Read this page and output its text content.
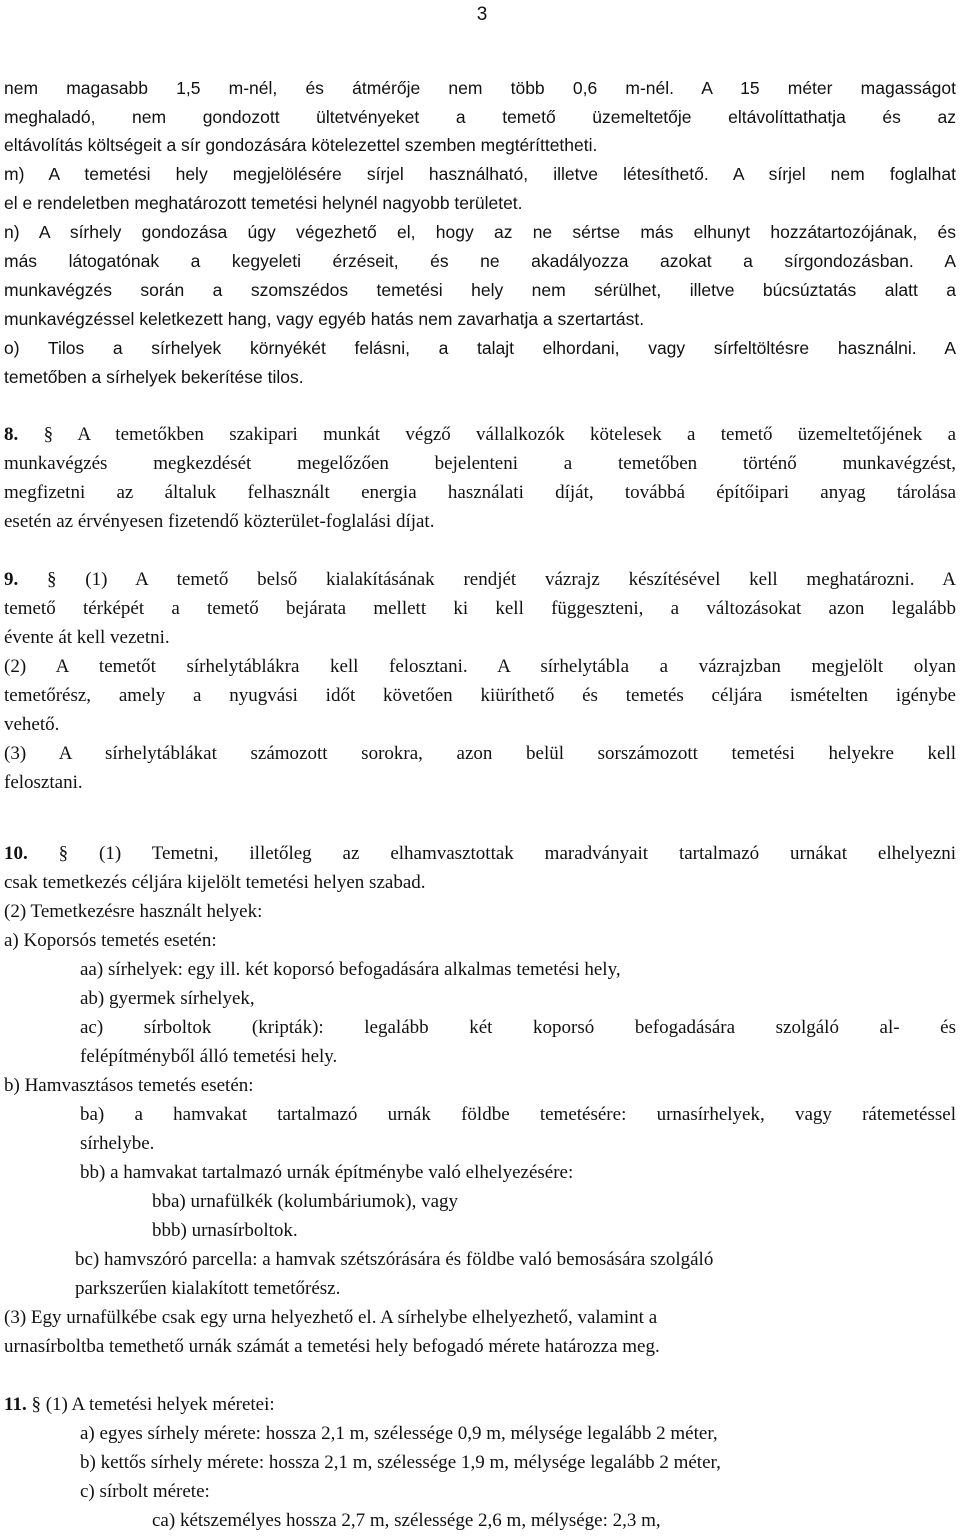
3
nem magasabb 1,5 m-nél, és átmérője nem több 0,6 m-nél. A 15 méter magasságot
meghaladó, nem gondozott ültetvényeket a temető üzemeltetője eltávolíttathatja és az
eltávolítás költségeit a sír gondozására kötelezettel szemben megtéríttetheti.
m) A temetési hely megjelölésére sírjel használható, illetve létesíthető. A sírjel nem foglalhat
el e rendeletben meghatározott temetési helynél nagyobb területet.
n) A sírhely gondozása úgy végezhető el, hogy az ne sértse más elhunyt hozzátartozójának, és
más látogatónak a kegyeleti érzéseit, és ne akadályozza azokat a sírgondozásban. A
munkavégzés során a szomszédos temetési hely nem sérülhet, illetve búcsúztatás alatt a
munkavégzéssel keletkezett hang, vagy egyéb hatás nem zavarhatja a szertartást.
o) Tilos a sírhelyek környékét felásni, a talajt elhordani, vagy sírfeltöltésre használni. A
temetőben a sírhelyek bekerítése tilos.
8. § A temetőkben szakipari munkát végző vállalkozók kötelesek a temető üzemeltetőjének a
munkavégzés megkezdését megelőzően bejelenteni a temetőben történő munkavégzést,
megfizetni az általuk felhasznált energia használati díját, továbbá építőipari anyag tárolása
esetén az érvényesen fizetendő közterület-foglalási díjat.
9. § (1) A temető belső kialakításának rendjét vázrajz készítésével kell meghatározni. A
temető térképét a temető bejárata mellett ki kell függeszteni, a változásokat azon legalább
évente át kell vezetni.
(2) A temetőt sírhelytáblákra kell felosztani. A sírhelytábla a vázrajzban megjelölt olyan
temetőrész, amely a nyugvási időt követően kiüríthető és temetés céljára ismételten igénybe
vehető.
(3) A sírhelytáblákat számozott sorokra, azon belül sorszámozott temetési helyekre kell
felosztani.
10. § (1) Temetni, illetőleg az elhamvasztottak maradványait tartalmazó urnákat elhelyezni
csak temetkezés céljára kijelölt temetési helyen szabad.
(2) Temetkezésre használt helyek:
a) Koporsós temetés esetén:
aa) sírhelyek: egy ill. két koporsó befogadására alkalmas temetési hely,
ab) gyermek sírhelyek,
ac) sírboltok (kripták): legalább két koporsó befogadására szolgáló al- és
felépítményből álló temetési hely.
b) Hamvasztásos temetés esetén:
ba) a hamvakat tartalmazó urnák földbe temetésére: urnasírhelyek, vagy rátemetéssel
sírhelybe.
bb) a hamvakat tartalmazó urnák építménybe való elhelyezésére:
bba) urnafülkék (kolumbáriumok), vagy
bbb) urnasírboltok.
bc) hamvszóró parcella: a hamvak szétszórására és földbe való bemosására szolgáló
parkszerűen kialakított temetőrész.
(3) Egy urnafülkébe csak egy urna helyezhető el. A sírhelybe elhelyezhető, valamint a
urnasírboltba temethető urnák számát a temetési hely befogadó mérete határozza meg.
11. § (1) A temetési helyek méretei:
a) egyes sírhely mérete: hossza 2,1 m, szélessége 0,9 m, mélysége legalább 2 méter,
b) kettős sírhely mérete: hossza 2,1 m, szélessége 1,9 m, mélysége legalább 2 méter,
c) sírbolt mérete:
ca) kétszemélyes hossza 2,7 m, szélessége 2,6 m, mélysége: 2,3 m,
